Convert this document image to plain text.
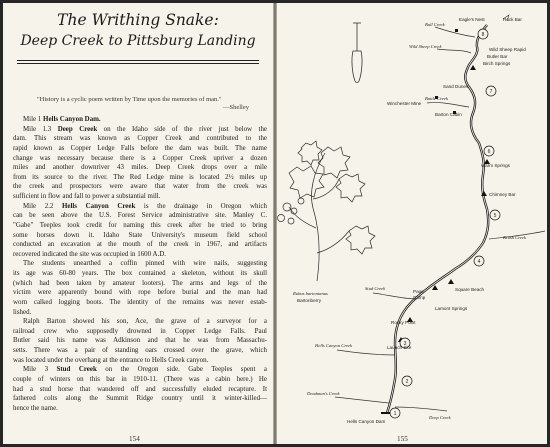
The Writhing Snake:
Deep Creek to Pittsburg Landing
"History is a cyclic poem written by Time upon the memories of man."
—Shelley
Mile 1 Hells Canyon Dam.
Mile 1.3 Deep Creek on the Idaho side of the river just below the
dam. This stream was known as Copper Creek and contributed to the
rapid known as Copper Ledge Falls before the dam was built. The name
change was necessary because there is a Copper Creek upriver a dozen
miles and another downriver 43 miles. Deep Creek drops over a mile
from its source to the river. The Red Ledge mine is located 2½ miles up
the creek and prospectors were aware that water from the creek was
sufficient in flow and fall to power a substantial mill.
Mile 2.2 Hells Canyon Creek is the drainage in Oregon which
can be seen above the U.S. Forest Service administrative site. Manley C.
"Gabe" Teeples took credit for naming this creek after he tried to bring
some horses down it. Idaho State University's museum field school
conducted an excavation at the mouth of the creek in 1967, and artifacts
recovered indicated the site was occupied in 1600 A.D.
The students unearthed a coffin pinned with wire nails, suggesting
its age was 60-80 years. The box contained a skeleton, without its skull
(which had been taken by amateur looters). The arms and legs of the
victim were apparently bound with rope before burial and the man had
worn calked logging boots. The identity of the remains was never estab-
lished.
Ralph Barton showed his son, Ace, the grave of a surveyor for a
railroad crew who supposedly drowned in Copper Ledge Falls. Paul
Butler said his name was Adkinson and that he was from Massachu-
setts. There was a pair of standing oars crossed over the grave, which
was located under the overhang at the entrance to Hells Creek canyon.
Mile 3 Stud Creek on the Oregon side. Gabe Teeples spent a
couple of winters on this bar in 1910-11. (There was a cabin here.) He
had a stud horse that wandered off and successfully eluded recapture. It
fathered colts along the Summit Ridge country until it winter-killed—
hence the name.
154
1
2
3
4
5
6
7
8
Rock Bar
Eagle's Nest
Bull Creek
Wild Sheep Creek
Wild Sheep Rapid
Butler Bar
Birch Springs
Sand Dunes
Winchester Mine
Battle Creek
Barton Cabin
Warm Springs
Chimney Bar
Brush Creek
Rubus bartonianus
Bartonberry
Stud Creek
Page
Camp
Square Beach
Lamont Springs
Rocky Point
Hells Canyon Creek	Launch Site
Deadman's Creek
Deep Creek
Hells Canyon Dam
155
